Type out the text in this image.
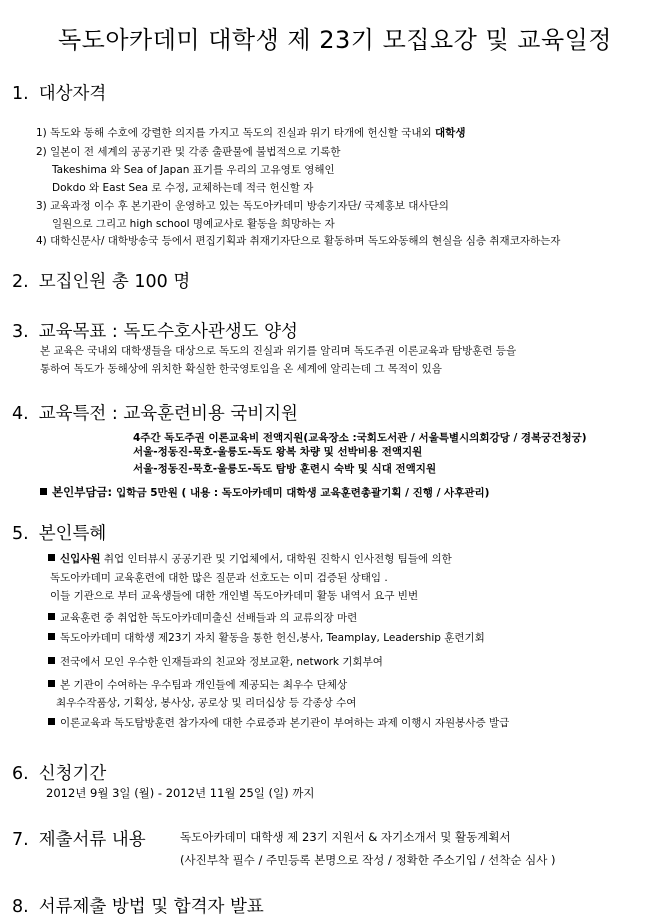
독도아카데미 대학생 제 23기 모집요강 및 교육일정
1. 대상자격
1) 독도와 동해 수호에 강렬한 의지를 가지고 독도의 진실과 위기 타개에 헌신할 국내외 대학생
2) 일본이 전 세계의 공공기관 및 각종 출판물에 불법적으로 기록한
Takeshima 와 Sea of Japan 표기를 우리의 고유영토 영해인
Dokdo 와 East Sea 로 수정, 교체하는데 적극 헌신할 자
3) 교육과정 이수 후 본기관이 운영하고 있는 독도아카데미 방송기자단/ 국제홍보 대사단의
일원으로 그리고 high school 명예교사로 활동을 희망하는 자
4) 대학신문사/ 대학방송국 등에서 편집기획과 취재기자단으로 활동하며 독도와동해의 현실을 심층 취재코자하는자
2. 모집인원 총 100 명
3. 교육목표 : 독도수호사관생도 양성
본 교육은 국내외 대학생들을 대상으로 독도의 진실과 위기를 알리며 독도주권 이론교육과 탐방훈련 등을
통하여 독도가 동해상에 위치한 확실한 한국영토임을 온 세계에 알리는데 그 목적이 있음
4. 교육특전 : 교육훈련비용 국비지원
4주간 독도주권 이론교육비 전액지원(교육장소 :국회도서관 / 서울특별시의회강당 / 경복궁건청궁)
서울-정동진-묵호-울릉도-독도 왕복 차량 및 선박비용 전액지원
서울-정동진-묵호-울릉도-독도 탐방 훈련시 숙박 및 식대 전액지원
본인부담금: 입학금 5만원 ( 내용 : 독도아카데미 대학생 교육훈련총괄기획 / 진행 / 사후관리)
5. 본인특혜
신입사원 취업 인터뷰시 공공기관 및 기업체에서, 대학원 진학시 인사전형 팀들에 의한
독도아카데미 교육훈련에 대한 많은 질문과 선호도는 이미 검증된 상태임 .
이들 기관으로 부터 교육생들에 대한 개인별 독도아카데미 활동 내역서 요구 빈번
교육훈련 중 취업한 독도아카데미출신 선배들과 의 교류의장 마련
독도아카데미 대학생 제23기 자치 활동을 통한 헌신,봉사, Teamplay, Leadership 훈련기회
전국에서 모인 우수한 인재들과의 친교와 정보교환, network 기회부여
본 기관이 수여하는 우수팀과 개인들에 제공되는 최우수 단체상
최우수작품상, 기획상, 봉사상, 공로상 및 리더십상 등 각종상 수여
이론교육과 독도탐방훈련 참가자에 대한 수료증과 본기관이 부여하는 과제 이행시 자원봉사증 발급
6. 신청기간
2012년 9월 3일 (월) - 2012년 11월 25일 (일) 까지
7. 제출서류 내용	독도아카데미 대학생 제 23기 지원서 & 자기소개서 및 활동계획서
(사진부착 필수 / 주민등록 본명으로 작성 / 정확한 주소기입 / 선착순 심사 )
8. 서류제출 방법 및 합격자 발표
